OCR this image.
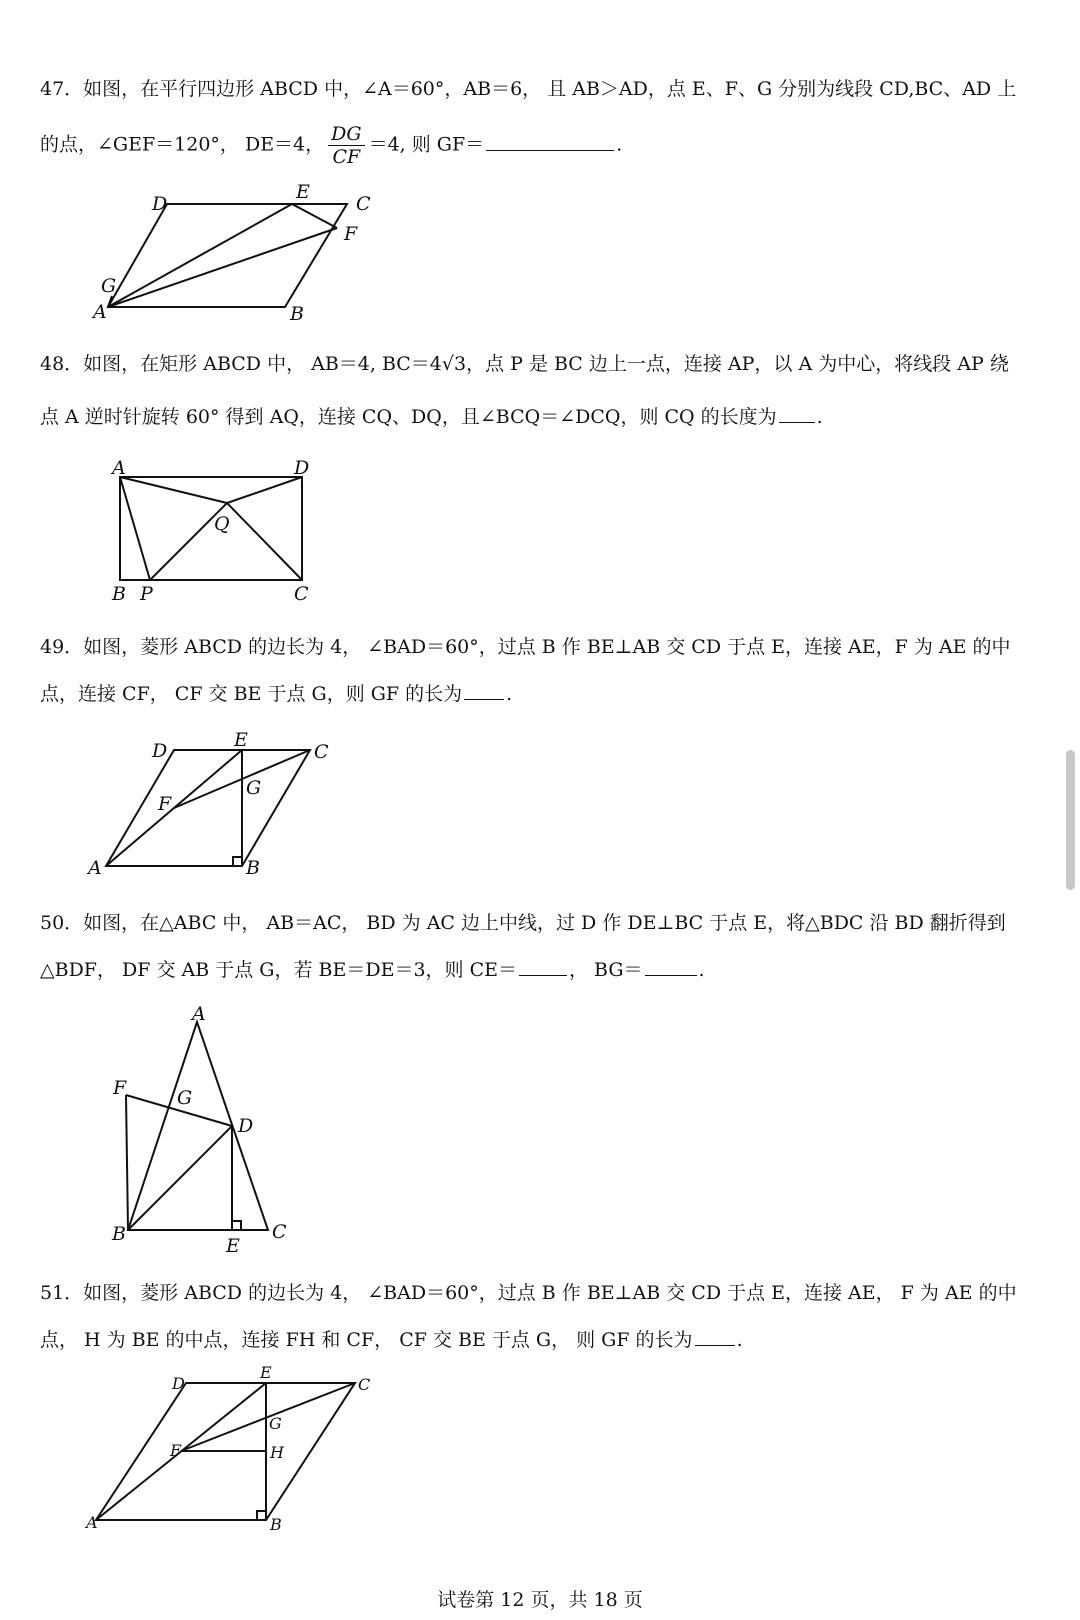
47．如图，在平行四边形 ABCD 中，∠A＝60°，AB＝6， 且 AB＞AD，点 E、F、G 分别为线段 CD,BC、AD 上
的点，∠GEF＝120°， DE＝4， $\frac{DG}{CF} =4$, 则 GF＝	.
D
E
C
F
G
A	B
48．如图，在矩形 ABCD 中， AB＝4, BC＝4√3，点 P 是 BC 边上一点，连接 AP，以 A 为中心，将线段 AP 绕
点 A 逆时针旋转 60° 得到 AQ，连接 CQ、DQ，且∠BCQ＝∠DCQ，则 CQ 的长度为 .
A	D
Q
B P	C
49．如图，菱形 ABCD 的边长为 4， ∠BAD＝60°，过点 B 作 BE⊥AB 交 CD 于点 E，连接 AE，F 为 AE 的中
点，连接 CF， CF 交 BE 于点 G，则 GF 的长为 .
D	E
C
G
F
A	B
50．如图，在△ABC 中， AB＝AC， BD 为 AC 边上中线，过 D 作 DE⊥BC 于点 E，将△BDC 沿 BD 翻折得到
△BDF， DF 交 AB 于点 G，若 BE＝DE＝3，则 CE＝	， BG＝	.
A
F	G
D
B
E
C
51．如图，菱形 ABCD 的边长为 4， ∠BAD＝60°，过点 B 作 BE⊥AB 交 CD 于点 E，连接 AE， F 为 AE 的中
点， H 为 BE 的中点，连接 FH 和 CF， CF 交 BE 于点 G， 则 GF 的长为 .
D
E
C
G
F	H
A	B
试卷第 12 页，共 18 页
